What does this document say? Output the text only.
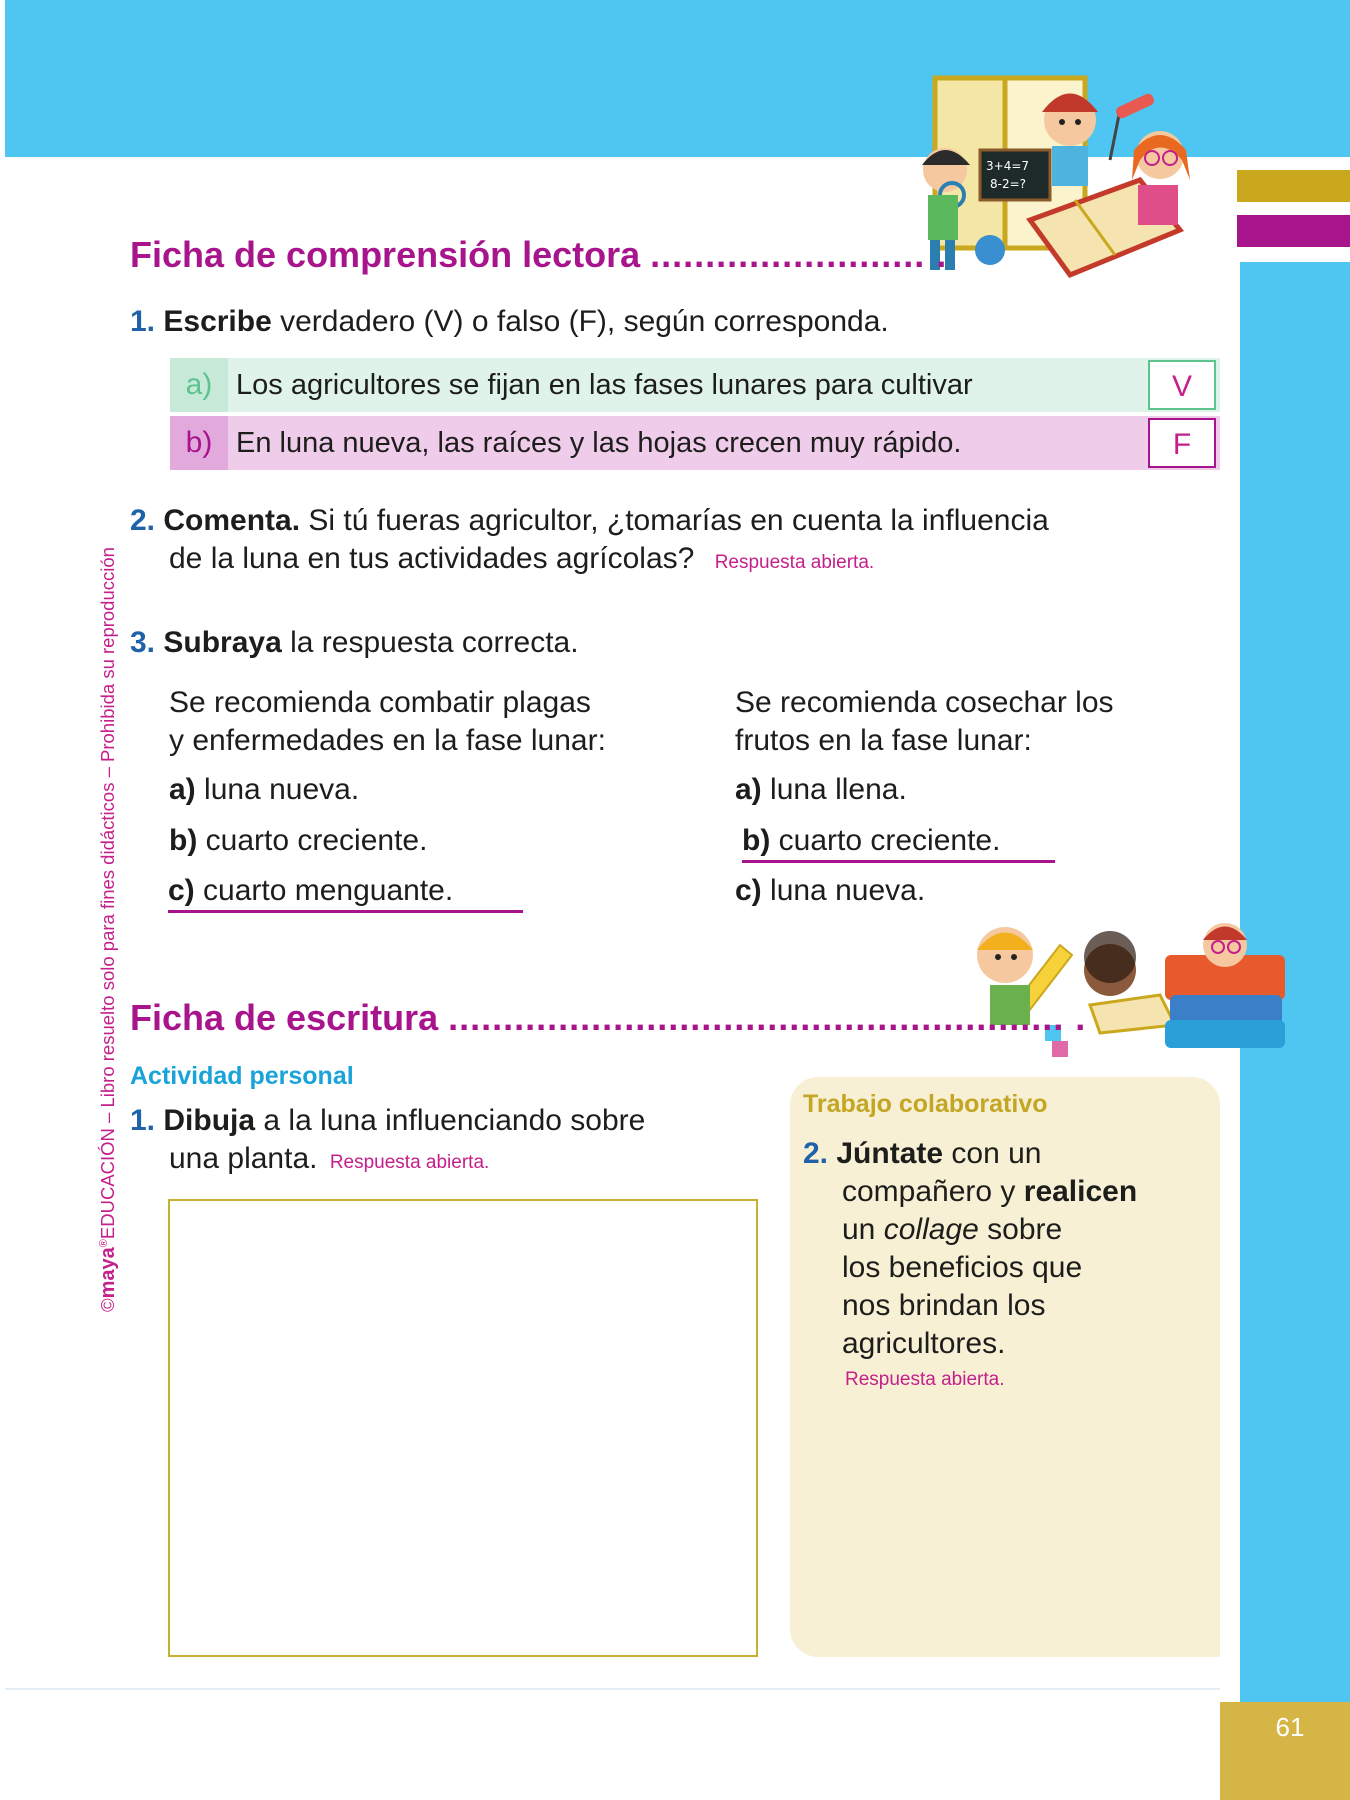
61
3+4=7
8-2=?
©maya®EDUCACIÓN – Libro resuelto solo para fines didácticos – Prohibida su reproducción
Ficha de comprensión lectora ......................... .
1. Escribe verdadero (V) o falso (F), según corresponda.
a) Los agricultores se fijan en las fases lunares para cultivar	V
b) En luna nueva, las raíces y las hojas crecen muy rápido.	F
2. Comenta. Si tú fueras agricultor, ¿tomarías en cuenta la influencia
de la luna en tus actividades agrícolas? Respuesta abierta.
3. Subraya la respuesta correcta.
Se recomienda combatir plagas
y enfermedades en la fase lunar:
a) luna nueva.
b) cuarto creciente.
c) cuarto menguante.
Se recomienda cosechar los
frutos en la fase lunar:
a) luna llena.
b) cuarto creciente.
c) luna nueva.
Ficha de escritura ........................................................ .
Actividad personal
1. Dibuja a la luna influenciando sobre
una planta. Respuesta abierta.
Trabajo colaborativo
2. Júntate con un
compañero y realicen
un collage sobre
los beneficios que
nos brindan los
agricultores.
Respuesta abierta.
